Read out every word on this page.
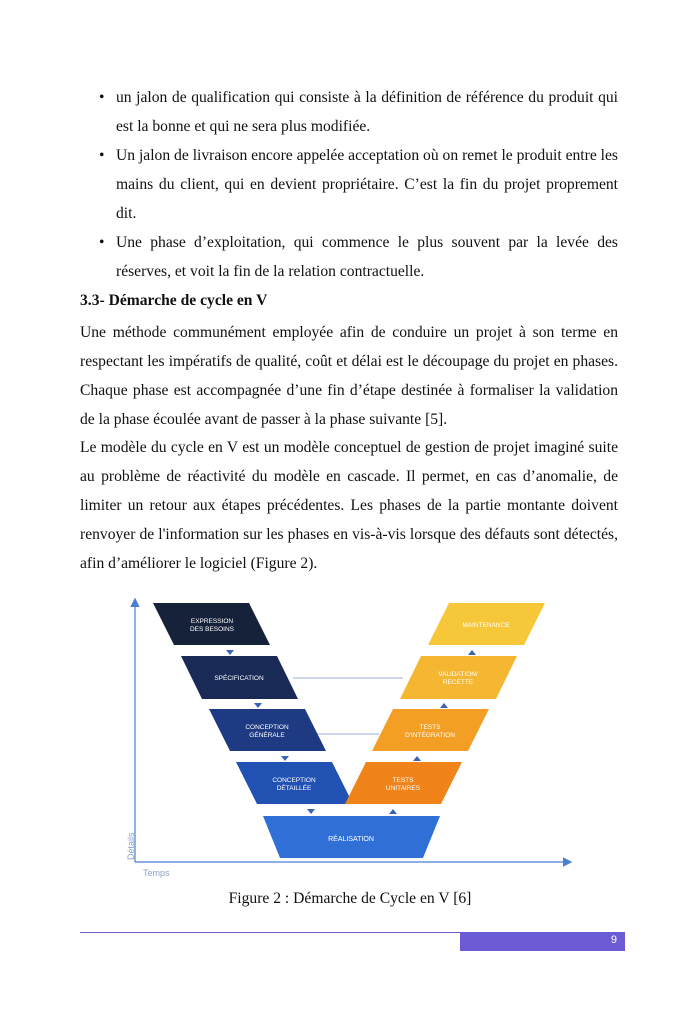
• un jalon de qualification qui consiste à la définition de référence du produit qui est la bonne et qui ne sera plus modifiée.
• Un jalon de livraison encore appelée acceptation où on remet le produit entre les mains du client, qui en devient propriétaire. C’est la fin du projet proprement dit.
• Une phase d’exploitation, qui commence le plus souvent par la levée des réserves, et voit la fin de la relation contractuelle.
3.3- Démarche de cycle en V

Une méthode communément employée afin de conduire un projet à son terme en respectant les impératifs de qualité, coût et délai est le découpage du projet en phases. Chaque phase est accompagnée d’une fin d’étape destinée à formaliser la validation de la phase écoulée avant de passer à la phase suivante [5].

Le modèle du cycle en V est un modèle conceptuel de gestion de projet imaginé suite au problème de réactivité du modèle en cascade. Il permet, en cas d’anomalie, de limiter un retour aux étapes précédentes. Les phases de la partie montante doivent renvoyer de l'information sur les phases en vis-à-vis lorsque des défauts sont détectés, afin d’améliorer le logiciel (Figure 2).

Détails
Temps
EXPRESSION DES BESOINS
SPÉCIFICATION
CONCEPTION GÉNÉRALE
CONCEPTION DÉTAILLÉE
MAINTENANCE
VALIDATION/ RECETTE
TESTS D'INTÉGRATION
TESTS UNITAIRES
RÉALISATION

Figure 2 : Démarche de Cycle en V [6]

9
